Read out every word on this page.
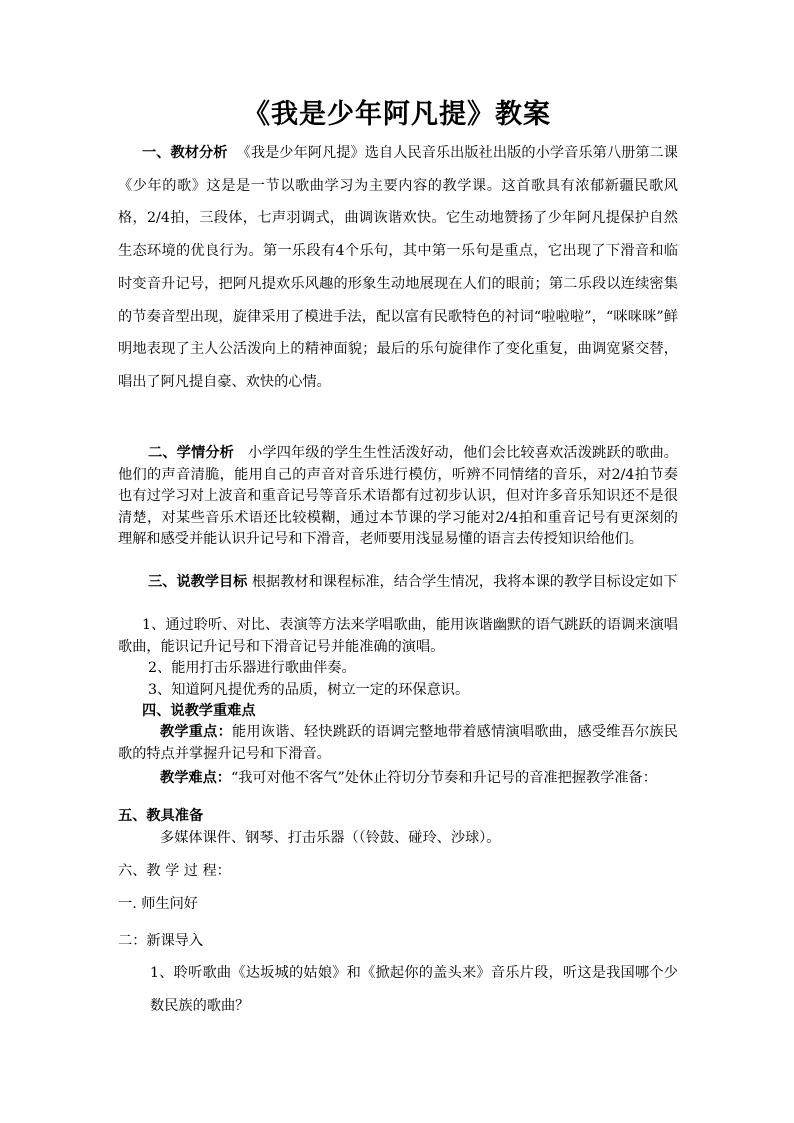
《我是少年阿凡提》教案

一、教材分析 《我是少年阿凡提》选自人民音乐出版社出版的小学音乐第八册第二课《少年的歌》这是是一节以歌曲学习为主要内容的教学课。这首歌具有浓郁新疆民歌风格，2/4拍，三段体，七声羽调式，曲调诙谐欢快。它生动地赞扬了少年阿凡提保护自然生态环境的优良行为。第一乐段有4个乐句，其中第一乐句是重点，它出现了下滑音和临时变音升记号，把阿凡提欢乐风趣的形象生动地展现在人们的眼前；第二乐段以连续密集的节奏音型出现，旋律采用了模进手法，配以富有民歌特色的衬词“啦啦啦”，“咪咪咪”鲜明地表现了主人公活泼向上的精神面貌；最后的乐句旋律作了变化重复，曲调宽紧交替，唱出了阿凡提自豪、欢快的心情。

二、学情分析 小学四年级的学生生性活泼好动，他们会比较喜欢活泼跳跃的歌曲。他们的声音清脆，能用自己的声音对音乐进行模仿，听辨不同情绪的音乐，对2/4拍节奏也有过学习对上波音和重音记号等音乐术语都有过初步认识，但对许多音乐知识还不是很清楚，对某些音乐术语还比较模糊，通过本节课的学习能对2/4拍和重音记号有更深刻的理解和感受并能认识升记号和下滑音，老师要用浅显易懂的语言去传授知识给他们。

三、说教学目标 根据教材和课程标准，结合学生情况，我将本课的教学目标设定如下

1、通过聆听、对比、表演等方法来学唱歌曲，能用诙谐幽默的语气跳跃的语调来演唱歌曲，能识记升记号和下滑音记号并能准确的演唱。

2、能用打击乐器进行歌曲伴奏。

3、知道阿凡提优秀的品质，树立一定的环保意识。

四、说教学重难点

教学重点：能用诙谐、轻快跳跃的语调完整地带着感情演唱歌曲，感受维吾尔族民歌的特点并掌握升记号和下滑音。

教学难点：“我可对他不客气”处休止符切分节奏和升记号的音准把握教学准备：

五、教具准备

多媒体课件、钢琴、打击乐器（（铃鼓、碰玲、沙球）。

六、教 学 过 程：

一. 师生问好

二：新课导入

1、聆听歌曲《达坂城的姑娘》和《掀起你的盖头来》音乐片段，听这是我国哪个少数民族的歌曲？
